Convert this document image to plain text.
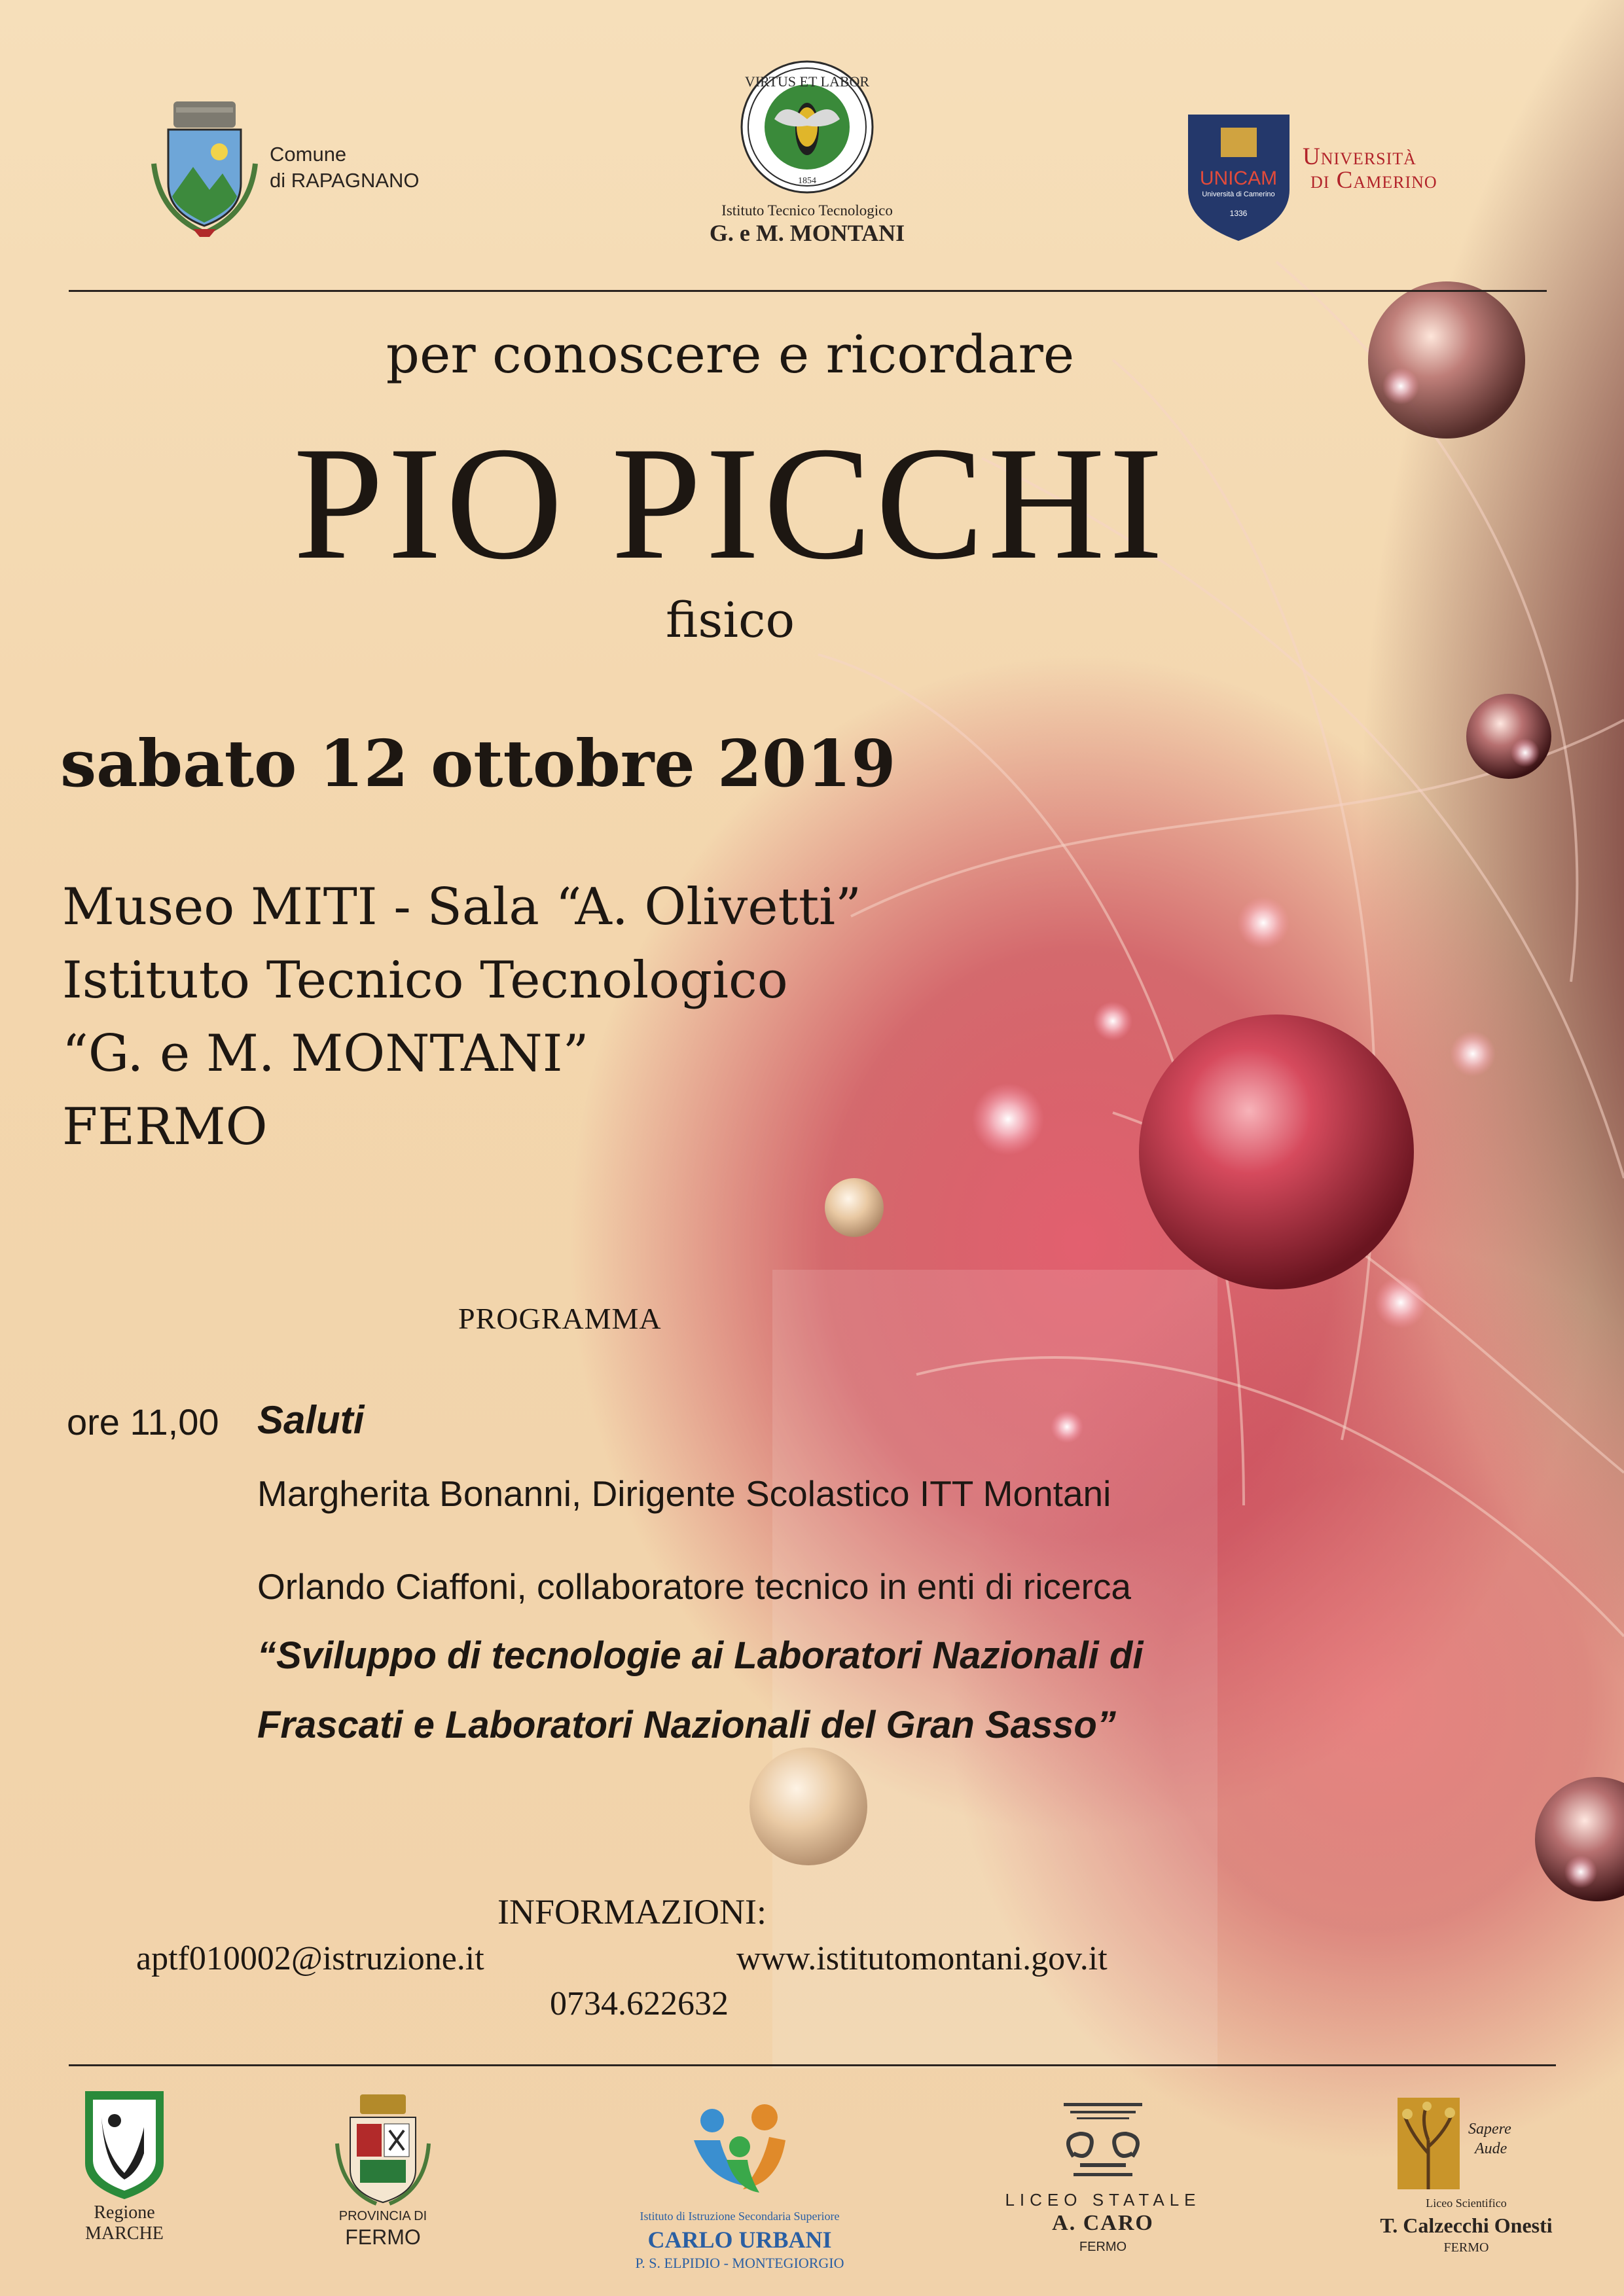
Comune
di RAPAGNANO
VIRTUS ET LABOR
1854
Istituto Tecnico Tecnologico
G. e M. MONTANI
UNICAM
Università di Camerino
1336
Università
di Camerino
per conoscere e ricordare
PIO PICCHI
fisico
sabato 12 ottobre 2019
Museo MITI - Sala “A. Olivetti”
Istituto Tecnico Tecnologico
“G. e M. MONTANI”
FERMO
PROGRAMMA
ore 11,00 Saluti
Margherita Bonanni, Dirigente Scolastico ITT Montani
Orlando Ciaffoni, collaboratore tecnico in enti di ricerca
“Sviluppo di tecnologie ai Laboratori Nazionali di
Frascati e Laboratori Nazionali del Gran Sasso”
INFORMAZIONI:
aptf010002@istruzione.it	www.istitutomontani.gov.it
0734.622632
Regione
MARCHE
PROVINCIA DI
FERMO
Istituto di Istruzione Secondaria Superiore
CARLO URBANI
P. S. ELPIDIO - MONTEGIORGIO
LICEO STATALE
A. CARO
FERMO
Sapere
Aude
Liceo Scientifico
T. Calzecchi Onesti
FERMO
